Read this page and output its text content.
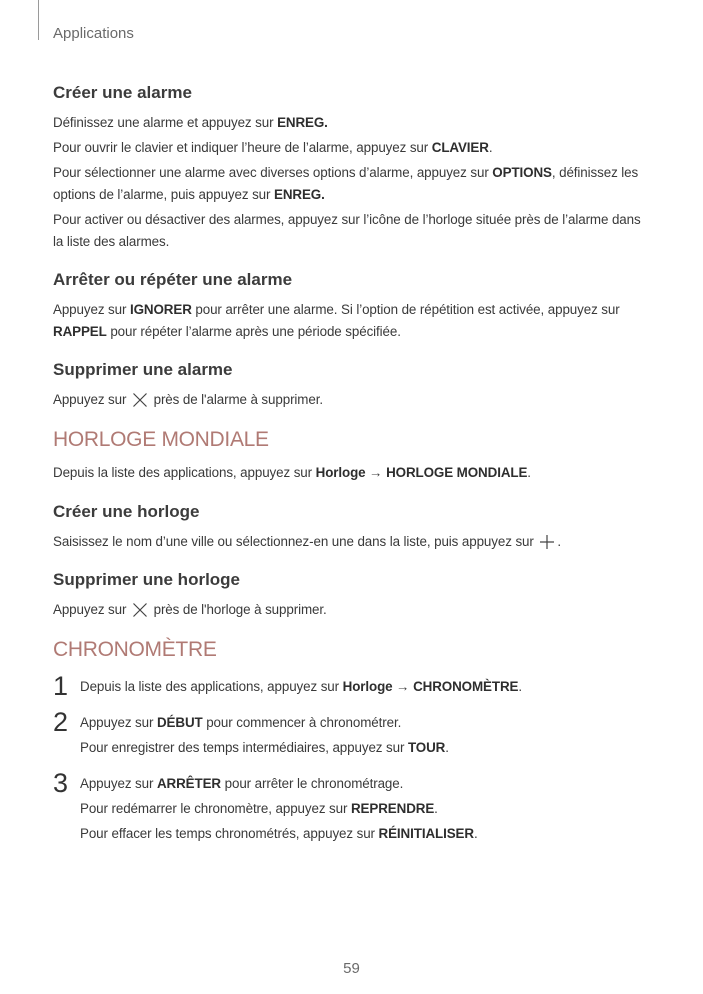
Applications
Créer une alarme

Définissez une alarme et appuyez sur ENREG.

Pour ouvrir le clavier et indiquer l’heure de l’alarme, appuyez sur CLAVIER.

Pour sélectionner une alarme avec diverses options d’alarme, appuyez sur OPTIONS, définissez les options de l’alarme, puis appuyez sur ENREG.

Pour activer ou désactiver des alarmes, appuyez sur l’icône de l’horloge située près de l’alarme dans la liste des alarmes.

Arrêter ou répéter une alarme

Appuyez sur IGNORER pour arrêter une alarme. Si l’option de répétition est activée, appuyez sur RAPPEL pour répéter l’alarme après une période spécifiée.

Supprimer une alarme

Appuyez sur près de l'alarme à supprimer.

HORLOGE MONDIALE

Depuis la liste des applications, appuyez sur Horloge → HORLOGE MONDIALE.

Créer une horloge

Saisissez le nom d’une ville ou sélectionnez-en une dans la liste, puis appuyez sur .

Supprimer une horloge

Appuyez sur près de l'horloge à supprimer.

CHRONOMÈTRE
1 Depuis la liste des applications, appuyez sur Horloge → CHRONOMÈTRE.

2 Appuyez sur DÉBUT pour commencer à chronométrer.

Pour enregistrer des temps intermédiaires, appuyez sur TOUR.

3 Appuyez sur ARRÊTER pour arrêter le chronométrage.

Pour redémarrer le chronomètre, appuyez sur REPRENDRE.

Pour effacer les temps chronométrés, appuyez sur RÉINITIALISER.

59
